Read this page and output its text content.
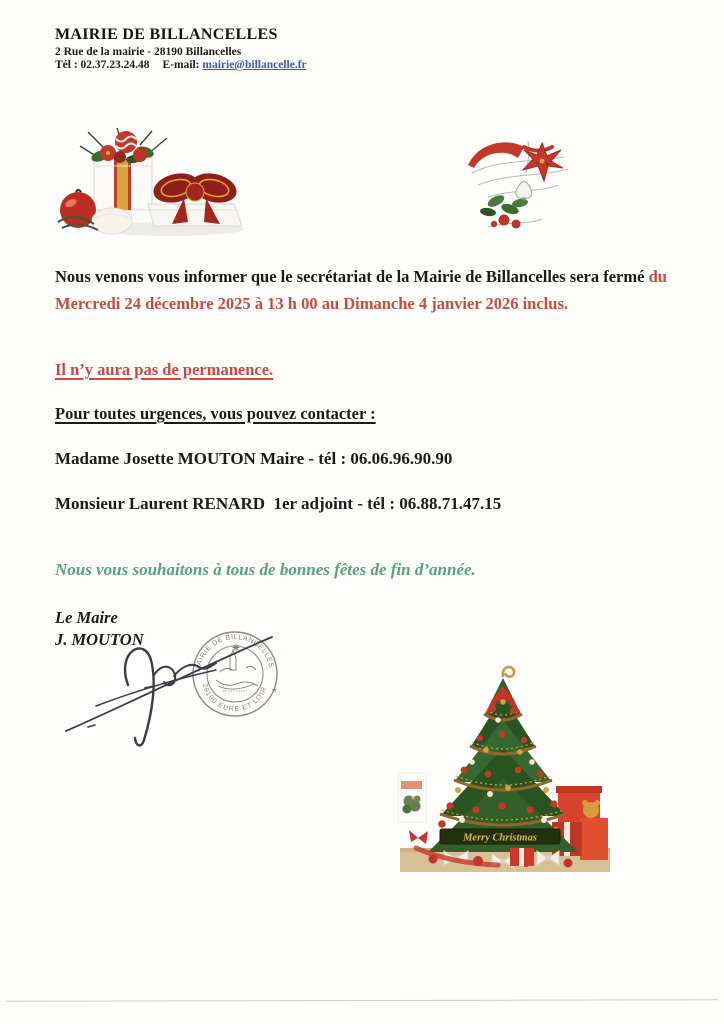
MAIRIE DE BILLANCELLES
2 Rue de la mairie - 28190 Billancelles
Tél : 02.37.23.24.48 E-mail: mairie@billancelle.fr

Nous venons vous informer que le secrétariat de la Mairie de Billancelles sera fermé du Mercredi 24 décembre 2025 à 13 h 00 au Dimanche 4 janvier 2026 inclus.

Il n’y aura pas de permanence.

Pour toutes urgences, vous pouvez contacter :

Madame Josette MOUTON Maire - tél : 06.06.96.90.90

Monsieur Laurent RENARD  1er adjoint - tél : 06.88.71.47.15

Nous vous souhaitons à tous de bonnes fêtes de fin d’année.

Le Maire
J. MOUTON
MAIRIE DE BILLANCELLES
28190 EURE ET LOIR ★
Merry Christmas
